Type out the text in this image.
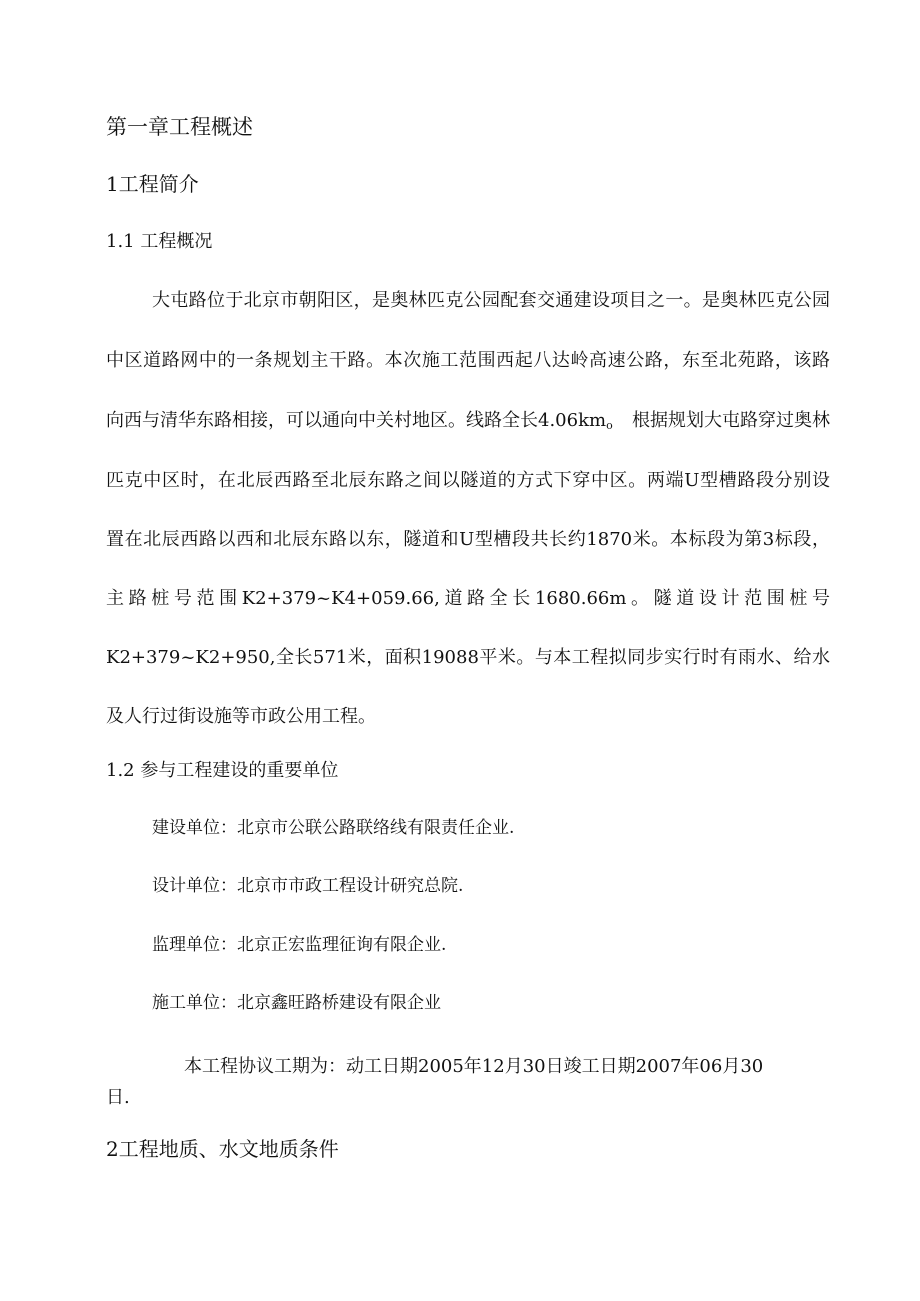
第一章工程概述
1工程简介
1.1 工程概况
大屯路位于北京市朝阳区，是奥林匹克公园配套交通建设项目之一。是奥林匹克公园
中区道路网中的一条规划主干路。本次施工范围西起八达岭高速公路，东至北苑路，该路
向西与清华东路相接，可以通向中关村地区。线路全长4.06kmo 根据规划大屯路穿过奥林
匹克中区时，在北辰西路至北辰东路之间以隧道的方式下穿中区。两端U型槽路段分别设
置在北辰西路以西和北辰东路以东，隧道和U型槽段共长约1870米。本标段为第3标段，
主路桩号范围K2+379~K4+059.66,道路全长1680.66m。隧道设计范围桩号
K2+379~K2+950,全长571米，面积19088平米。与本工程拟同步实行时有雨水、给水
及人行过街设施等市政公用工程。
1.2 参与工程建设的重要单位
建设单位：北京市公联公路联络线有限责任企业.
设计单位：北京市市政工程设计研究总院.
监理单位：北京正宏监理征询有限企业.
施工单位：北京鑫旺路桥建设有限企业
本工程协议工期为：动工日期2005年12月30日竣工日期2007年06月30
日.
2工程地质、水文地质条件
